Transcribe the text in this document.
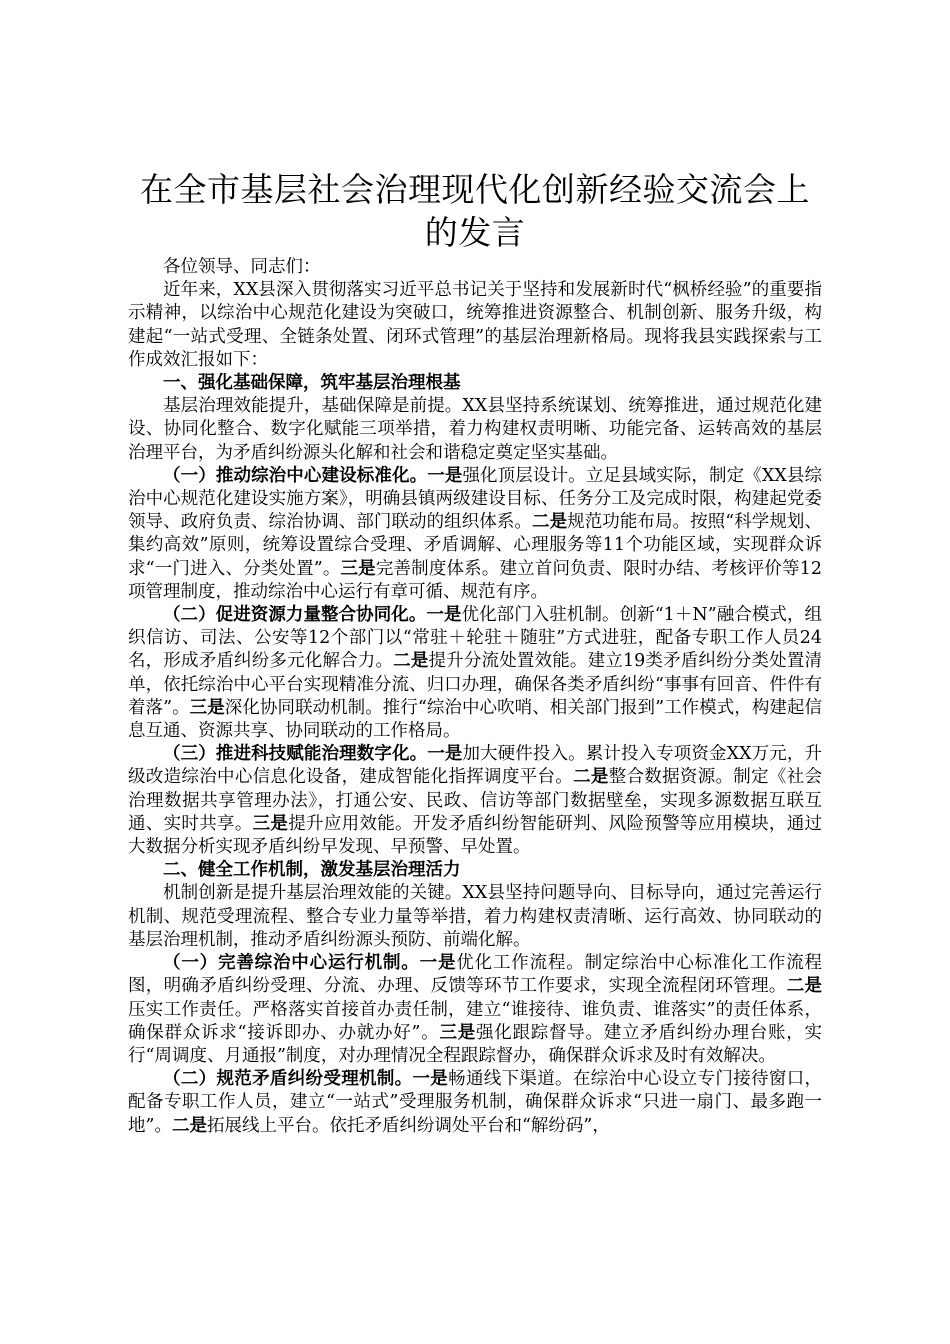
在全市基层社会治理现代化创新经验交流会上的发言

各位领导、同志们：

近年来，XX县深入贯彻落实习近平总书记关于坚持和发展新时代“枫桥经验”的重要指示精神，以综治中心规范化建设为突破口，统筹推进资源整合、机制创新、服务升级，构建起“一站式受理、全链条处置、闭环式管理”的基层治理新格局。现将我县实践探索与工作成效汇报如下：

一、强化基础保障，筑牢基层治理根基

基层治理效能提升，基础保障是前提。XX县坚持系统谋划、统筹推进，通过规范化建设、协同化整合、数字化赋能三项举措，着力构建权责明晰、功能完备、运转高效的基层治理平台，为矛盾纠纷源头化解和社会和谐稳定奠定坚实基础。

（一）推动综治中心建设标准化。一是强化顶层设计。立足县域实际，制定《XX县综治中心规范化建设实施方案》，明确县镇两级建设目标、任务分工及完成时限，构建起党委领导、政府负责、综治协调、部门联动的组织体系。二是规范功能布局。按照“科学规划、集约高效”原则，统筹设置综合受理、矛盾调解、心理服务等11个功能区域，实现群众诉求“一门进入、分类处置”。三是完善制度体系。建立首问负责、限时办结、考核评价等12项管理制度，推动综治中心运行有章可循、规范有序。

（二）促进资源力量整合协同化。一是优化部门入驻机制。创新“1＋N”融合模式，组织信访、司法、公安等12个部门以“常驻＋轮驻＋随驻”方式进驻，配备专职工作人员24名，形成矛盾纠纷多元化解合力。二是提升分流处置效能。建立19类矛盾纠纷分类处置清单，依托综治中心平台实现精准分流、归口办理，确保各类矛盾纠纷“事事有回音、件件有着落”。三是深化协同联动机制。推行“综治中心吹哨、相关部门报到”工作模式，构建起信息互通、资源共享、协同联动的工作格局。

（三）推进科技赋能治理数字化。一是加大硬件投入。累计投入专项资金XX万元，升级改造综治中心信息化设备，建成智能化指挥调度平台。二是整合数据资源。制定《社会治理数据共享管理办法》，打通公安、民政、信访等部门数据壁垒，实现多源数据互联互通、实时共享。三是提升应用效能。开发矛盾纠纷智能研判、风险预警等应用模块，通过大数据分析实现矛盾纠纷早发现、早预警、早处置。

二、健全工作机制，激发基层治理活力

机制创新是提升基层治理效能的关键。XX县坚持问题导向、目标导向，通过完善运行机制、规范受理流程、整合专业力量等举措，着力构建权责清晰、运行高效、协同联动的基层治理机制，推动矛盾纠纷源头预防、前端化解。

（一）完善综治中心运行机制。一是优化工作流程。制定综治中心标准化工作流程图，明确矛盾纠纷受理、分流、办理、反馈等环节工作要求，实现全流程闭环管理。二是压实工作责任。严格落实首接首办责任制，建立“谁接待、谁负责、谁落实”的责任体系，确保群众诉求“接诉即办、办就办好”。三是强化跟踪督导。建立矛盾纠纷办理台账，实行“周调度、月通报”制度，对办理情况全程跟踪督办，确保群众诉求及时有效解决。

（二）规范矛盾纠纷受理机制。一是畅通线下渠道。在综治中心设立专门接待窗口，配备专职工作人员，建立“一站式”受理服务机制，确保群众诉求“只进一扇门、最多跑一地”。二是拓展线上平台。依托矛盾纠纷调处平台和“解纷码”，
